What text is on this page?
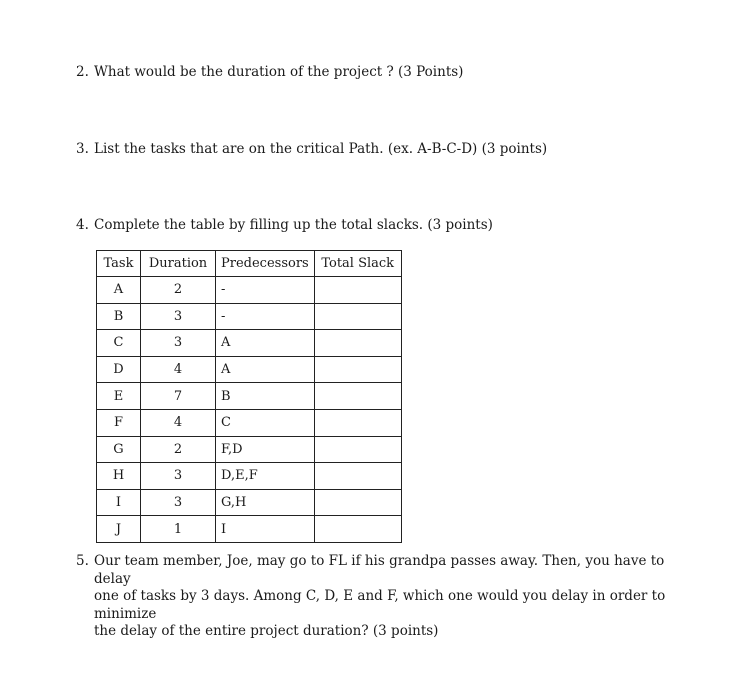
2. What would be the duration of the project ? (3 Points)
3. List the tasks that are on the critical Path. (ex. A-B-C-D) (3 points)
4. Complete the table by filling up the total slacks. (3 points)
Task	Duration	Predecessors	Total Slack
A	2	-	
B	3	-	
C	3	A	
D	4	A	
E	7	B	
F	4	C	
G	2	F,D	
H	3	D,E,F	
I	3	G,H	
J	1	I	
5. Our team member, Joe, may go to FL if his grandpa passes away. Then, you have to delay
one of tasks by 3 days. Among C, D, E and F, which one would you delay in order to minimize
the delay of the entire project duration? (3 points)
